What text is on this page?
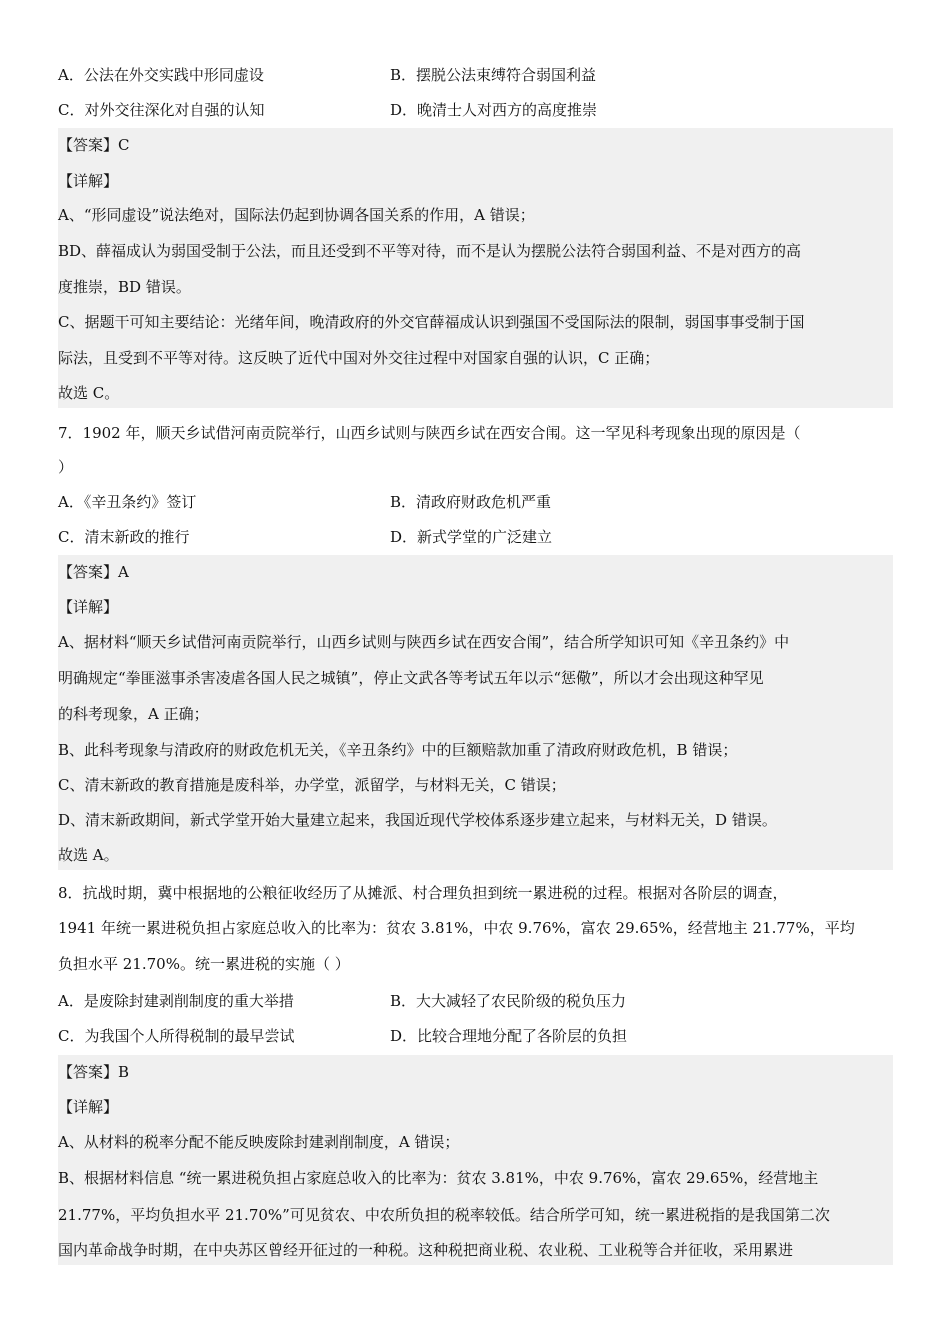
A．公法在外交实践中形同虚设	B．摆脱公法束缚符合弱国利益
C．对外交往深化对自强的认知	D．晚清士人对西方的高度推崇
【答案】C
【详解】
A、“形同虚设”说法绝对，国际法仍起到协调各国关系的作用，A 错误；
BD、薛福成认为弱国受制于公法，而且还受到不平等对待，而不是认为摆脱公法符合弱国利益、不是对西方的高
度推崇，BD 错误。
C、据题干可知主要结论：光绪年间，晚清政府的外交官薛福成认识到强国不受国际法的限制，弱国事事受制于国
际法，且受到不平等对待。这反映了近代中国对外交往过程中对国家自强的认识，C 正确；
故选 C。
7．1902 年，顺天乡试借河南贡院举行，山西乡试则与陕西乡试在西安合闱。这一罕见科考现象出现的原因是（
）
A．《辛丑条约》签订	B．清政府财政危机严重
C．清末新政的推行	D．新式学堂的广泛建立
【答案】A
【详解】
A、据材料“顺天乡试借河南贡院举行，山西乡试则与陕西乡试在西安合闱”，结合所学知识可知《辛丑条约》中
明确规定“拳匪滋事杀害凌虐各国人民之城镇”，停止文武各等考试五年以示“惩儆”，所以才会出现这种罕见
的科考现象，A 正确；
B、此科考现象与清政府的财政危机无关，《辛丑条约》中的巨额赔款加重了清政府财政危机，B 错误；
C、清末新政的教育措施是废科举，办学堂，派留学，与材料无关，C 错误；
D、清末新政期间，新式学堂开始大量建立起来，我国近现代学校体系逐步建立起来，与材料无关，D 错误。
故选 A。
8．抗战时期，冀中根据地的公粮征收经历了从摊派、村合理负担到统一累进税的过程。根据对各阶层的调查，
1941 年统一累进税负担占家庭总收入的比率为：贫农 3.81%，中农 9.76%，富农 29.65%，经营地主 21.77%，平均
负担水平 21.70%。统一累进税的实施（ ）
A．是废除封建剥削制度的重大举措	B．大大减轻了农民阶级的税负压力
C．为我国个人所得税制的最早尝试	D．比较合理地分配了各阶层的负担
【答案】B
【详解】
A、从材料的税率分配不能反映废除封建剥削制度，A 错误；
B、根据材料信息 “统一累进税负担占家庭总收入的比率为：贫农 3.81%，中农 9.76%，富农 29.65%，经营地主
21.77%，平均负担水平 21.70%”可见贫农、中农所负担的税率较低。结合所学可知，统一累进税指的是我国第二次
国内革命战争时期，在中央苏区曾经开征过的一种税。这种税把商业税、农业税、工业税等合并征收，采用累进
